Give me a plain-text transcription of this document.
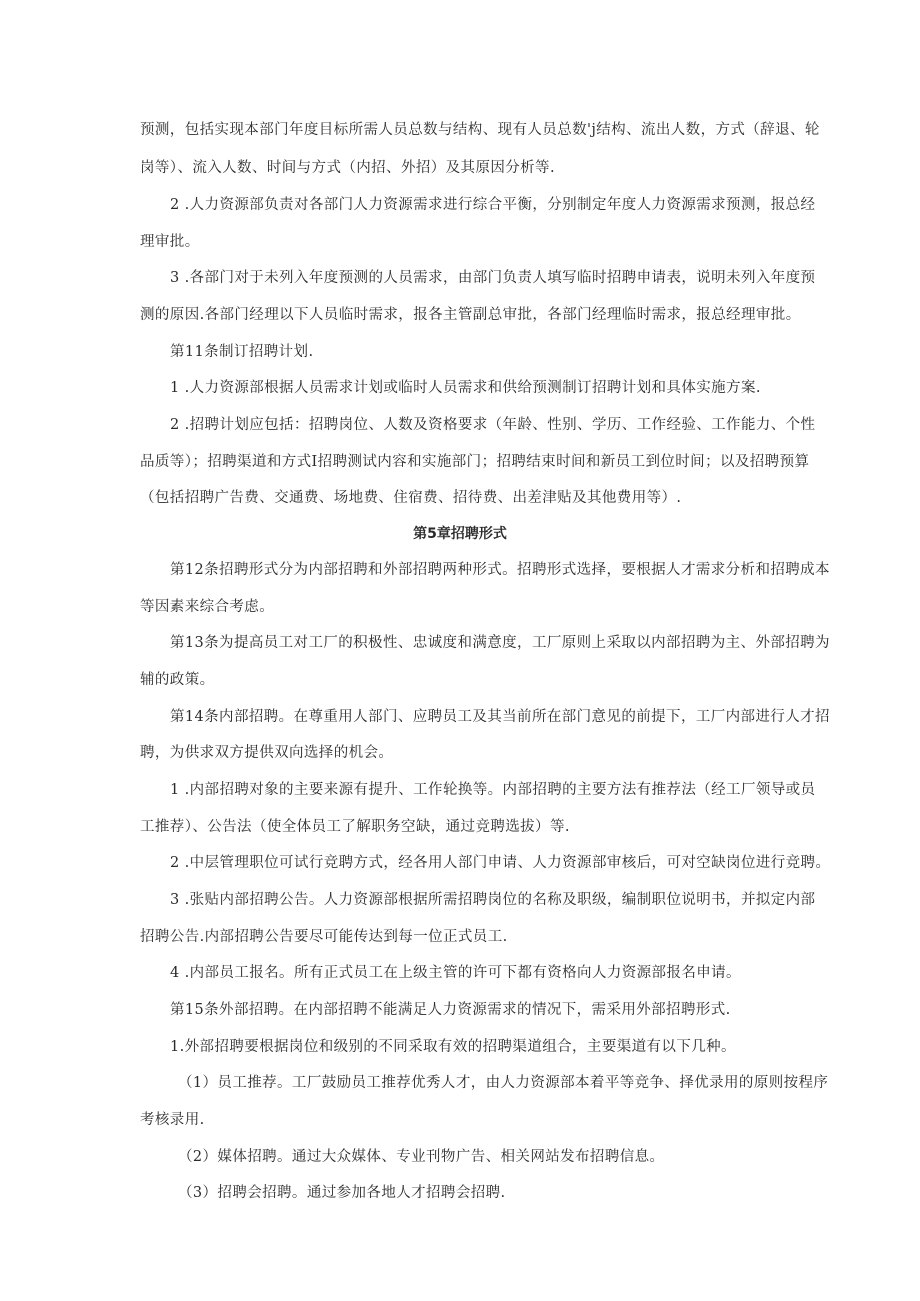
预测，包括实现本部门年度目标所需人员总数与结构、现有人员总数'j结构、流出人数，方式（辞退、轮
岗等）、流入人数、时间与方式（内招、外招）及其原因分析等.
2 .人力资源部负责对各部门人力资源需求进行综合平衡，分别制定年度人力资源需求预测，报总经
理审批。
3 .各部门对于未列入年度预测的人员需求，由部门负责人填写临时招聘申请表，说明未列入年度预
测的原因.各部门经理以下人员临时需求，报各主管副总审批，各部门经理临时需求，报总经理审批。
第11条制订招聘计划.
1 .人力资源部根据人员需求计划或临时人员需求和供给预测制订招聘计划和具体实施方案.
2 .招聘计划应包括：招聘岗位、人数及资格要求（年龄、性别、学历、工作经验、工作能力、个性
品质等）；招聘渠道和方式I招聘测试内容和实施部门；招聘结束时间和新员工到位时间；以及招聘预算
（包括招聘广告费、交通费、场地费、住宿费、招待费、出差津贴及其他费用等）.
第5章招聘形式
第12条招聘形式分为内部招聘和外部招聘两种形式。招聘形式选择，要根据人才需求分析和招聘成本
等因素来综合考虑。
第13条为提高员工对工厂的积极性、忠诚度和满意度，工厂原则上采取以内部招聘为主、外部招聘为
辅的政策。
第14条内部招聘。在尊重用人部门、应聘员工及其当前所在部门意见的前提下，工厂内部进行人才招
聘，为供求双方提供双向选择的机会。
1 .内部招聘对象的主要来源有提升、工作轮换等。内部招聘的主要方法有推荐法（经工厂领导或员
工推荐）、公告法（使全体员工了解职务空缺，通过竞聘选拔）等.
2 .中层管理职位可试行竞聘方式，经各用人部门申请、人力资源部审核后，可对空缺岗位进行竞聘。
3 .张贴内部招聘公告。人力资源部根据所需招聘岗位的名称及职级，编制职位说明书，并拟定内部
招聘公告.内部招聘公告要尽可能传达到每一位正式员工.
4 .内部员工报名。所有正式员工在上级主管的许可下都有资格向人力资源部报名申请。
第15条外部招聘。在内部招聘不能满足人力资源需求的情况下，需采用外部招聘形式.
1.外部招聘要根据岗位和级别的不同采取有效的招聘渠道组合，主要渠道有以下几种。
（1）员工推荐。工厂鼓励员工推荐优秀人才，由人力资源部本着平等竞争、择优录用的原则按程序
考核录用.
（2）媒体招聘。通过大众媒体、专业刊物广告、相关网站发布招聘信息。
（3）招聘会招聘。通过参加各地人才招聘会招聘.
